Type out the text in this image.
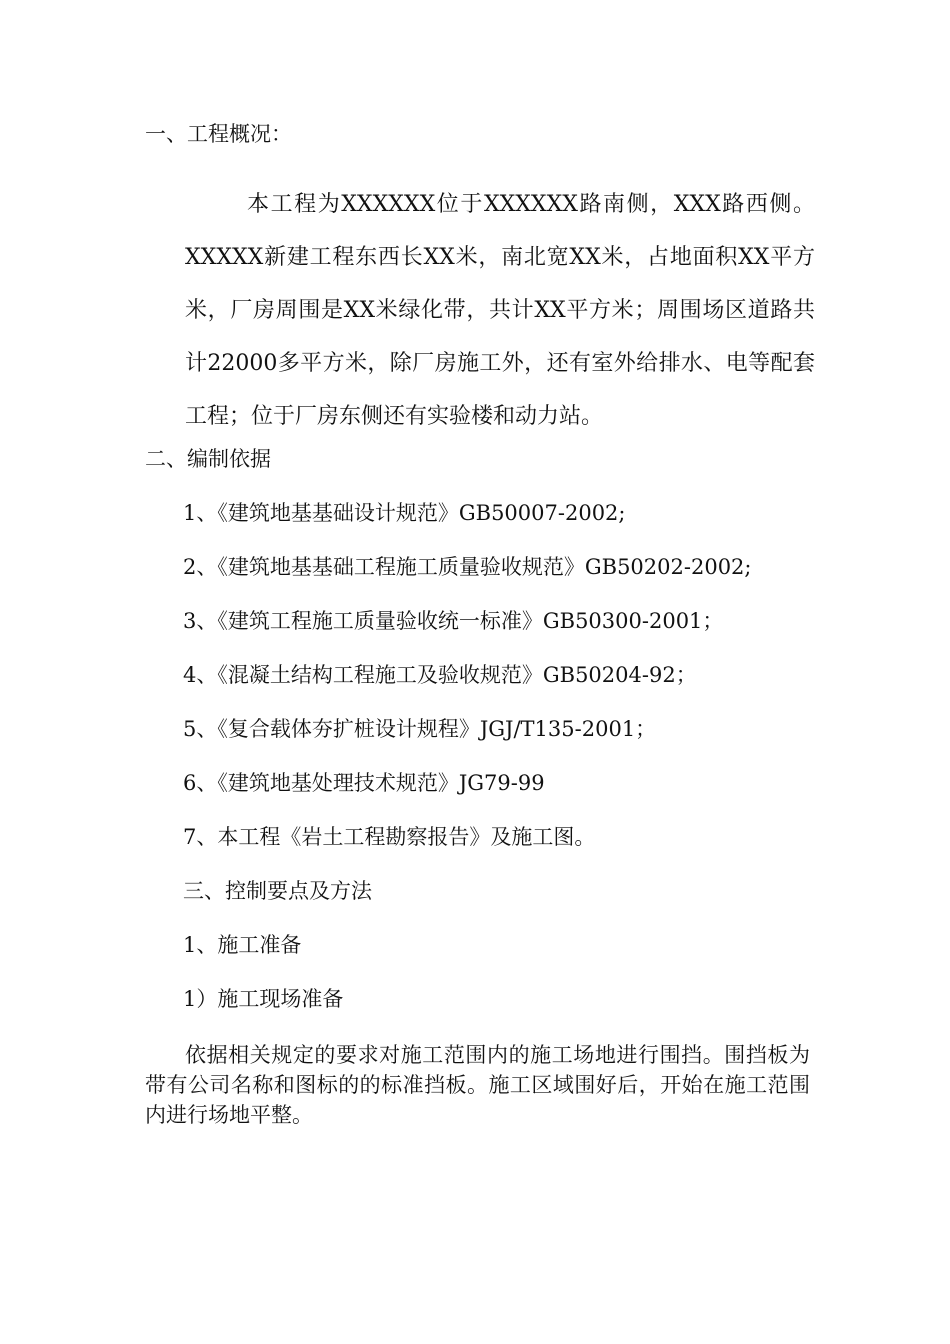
一、工程概况：
本工程为XXXXXX位于XXXXXX路南侧，XXX路西侧。XXXXX新建工程东西长XX米，南北宽XX米，占地面积XX平方米，厂房周围是XX米绿化带，共计XX平方米；周围场区道路共计22000多平方米，除厂房施工外，还有室外给排水、电等配套工程；位于厂房东侧还有实验楼和动力站。
二、编制依据
1、《建筑地基基础设计规范》GB50007-2002;
2、《建筑地基基础工程施工质量验收规范》GB50202-2002;
3、《建筑工程施工质量验收统一标准》GB50300-2001；
4、《混凝土结构工程施工及验收规范》GB50204-92；
5、《复合载体夯扩桩设计规程》JGJ/T135-2001；
6、《建筑地基处理技术规范》JG79-99
7、本工程《岩土工程勘察报告》及施工图。
三、控制要点及方法
1、施工准备
1）施工现场准备
依据相关规定的要求对施工范围内的施工场地进行围挡。围挡板为带有公司名称和图标的的标准挡板。施工区域围好后，开始在施工范围内进行场地平整。
